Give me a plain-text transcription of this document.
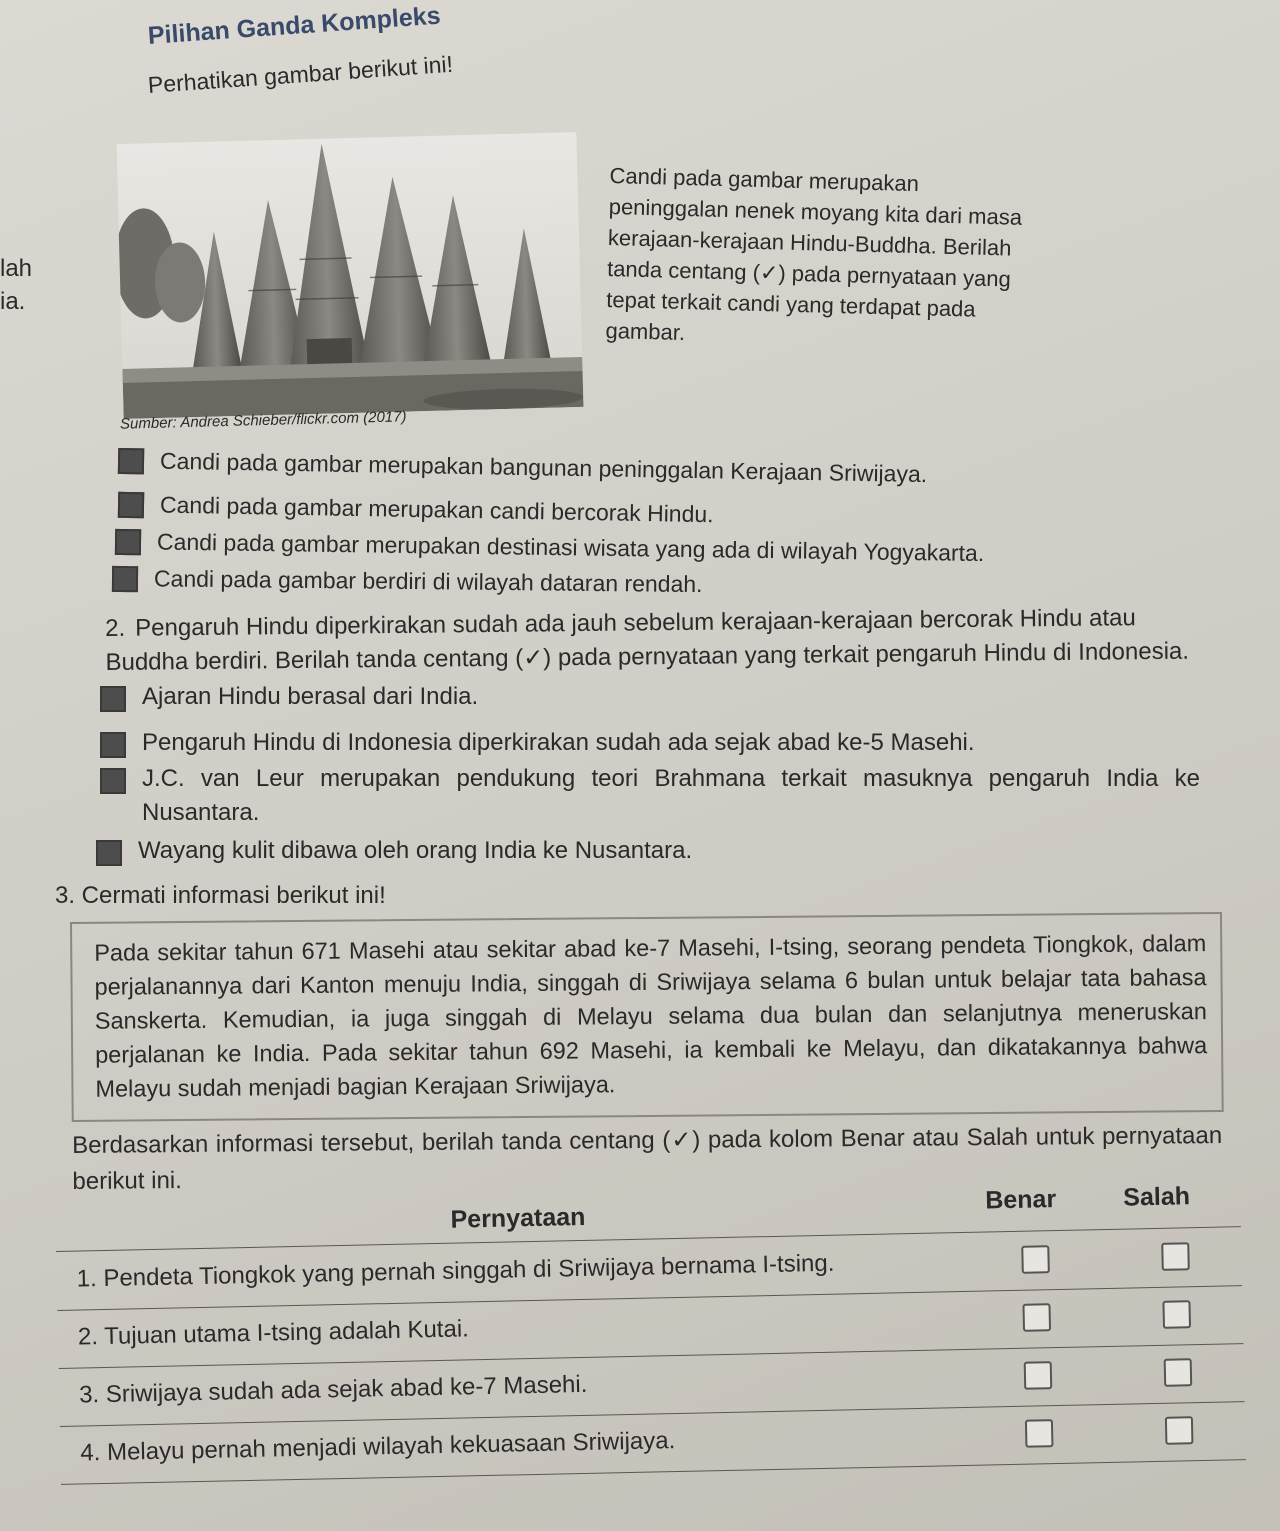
Pilihan Ganda Kompleks
Perhatikan gambar berikut ini!
lah
ia.
Sumber: Andrea Schieber/flickr.com (2017)
Candi pada gambar merupakan
peninggalan nenek moyang kita dari masa
kerajaan-kerajaan Hindu-Buddha. Berilah
tanda centang (✓) pada pernyataan yang
tepat terkait candi yang terdapat pada
gambar.
Candi pada gambar merupakan bangunan peninggalan Kerajaan Sriwijaya.
Candi pada gambar merupakan candi bercorak Hindu.
Candi pada gambar merupakan destinasi wisata yang ada di wilayah Yogyakarta.
Candi pada gambar berdiri di wilayah dataran rendah.
2. Pengaruh Hindu diperkirakan sudah ada jauh sebelum kerajaan-kerajaan bercorak Hindu atau Buddha berdiri. Berilah tanda centang (✓) pada pernyataan yang terkait pengaruh Hindu di Indonesia.
Ajaran Hindu berasal dari India.
Pengaruh Hindu di Indonesia diperkirakan sudah ada sejak abad ke-5 Masehi.
J.C. van Leur merupakan pendukung teori Brahmana terkait masuknya pengaruh India ke Nusantara.
Wayang kulit dibawa oleh orang India ke Nusantara.
3. Cermati informasi berikut ini!
Pada sekitar tahun 671 Masehi atau sekitar abad ke-7 Masehi, I-tsing, seorang pendeta Tiongkok, dalam perjalanannya dari Kanton menuju India, singgah di Sriwijaya selama 6 bulan untuk belajar tata bahasa Sanskerta. Kemudian, ia juga singgah di Melayu selama dua bulan dan selanjutnya meneruskan perjalanan ke India. Pada sekitar tahun 692 Masehi, ia kembali ke Melayu, dan dikatakannya bahwa Melayu sudah menjadi bagian Kerajaan Sriwijaya.
Berdasarkan informasi tersebut, berilah tanda centang (✓) pada kolom Benar atau Salah untuk pernyataan berikut ini.
Pernyataan
Benar	Salah
1. Pendeta Tiongkok yang pernah singgah di Sriwijaya bernama I-tsing.
2. Tujuan utama I-tsing adalah Kutai.
3. Sriwijaya sudah ada sejak abad ke-7 Masehi.
4. Melayu pernah menjadi wilayah kekuasaan Sriwijaya.
